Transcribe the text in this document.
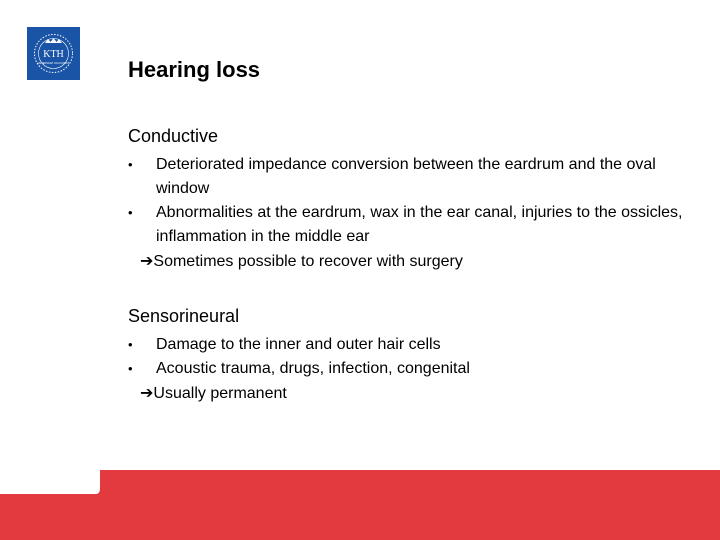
KTH
VETENSKAP OCH KONST	Hearing loss
Conductive
• Deteriorated impedance conversion between the eardrum and the oval window
• Abnormalities at the eardrum, wax in the ear canal, injuries to the ossicles, inflammation in the middle ear
➔Sometimes possible to recover with surgery
Sensorineural
• Damage to the inner and outer hair cells
• Acoustic trauma, drugs, infection, congenital
➔Usually permanent
